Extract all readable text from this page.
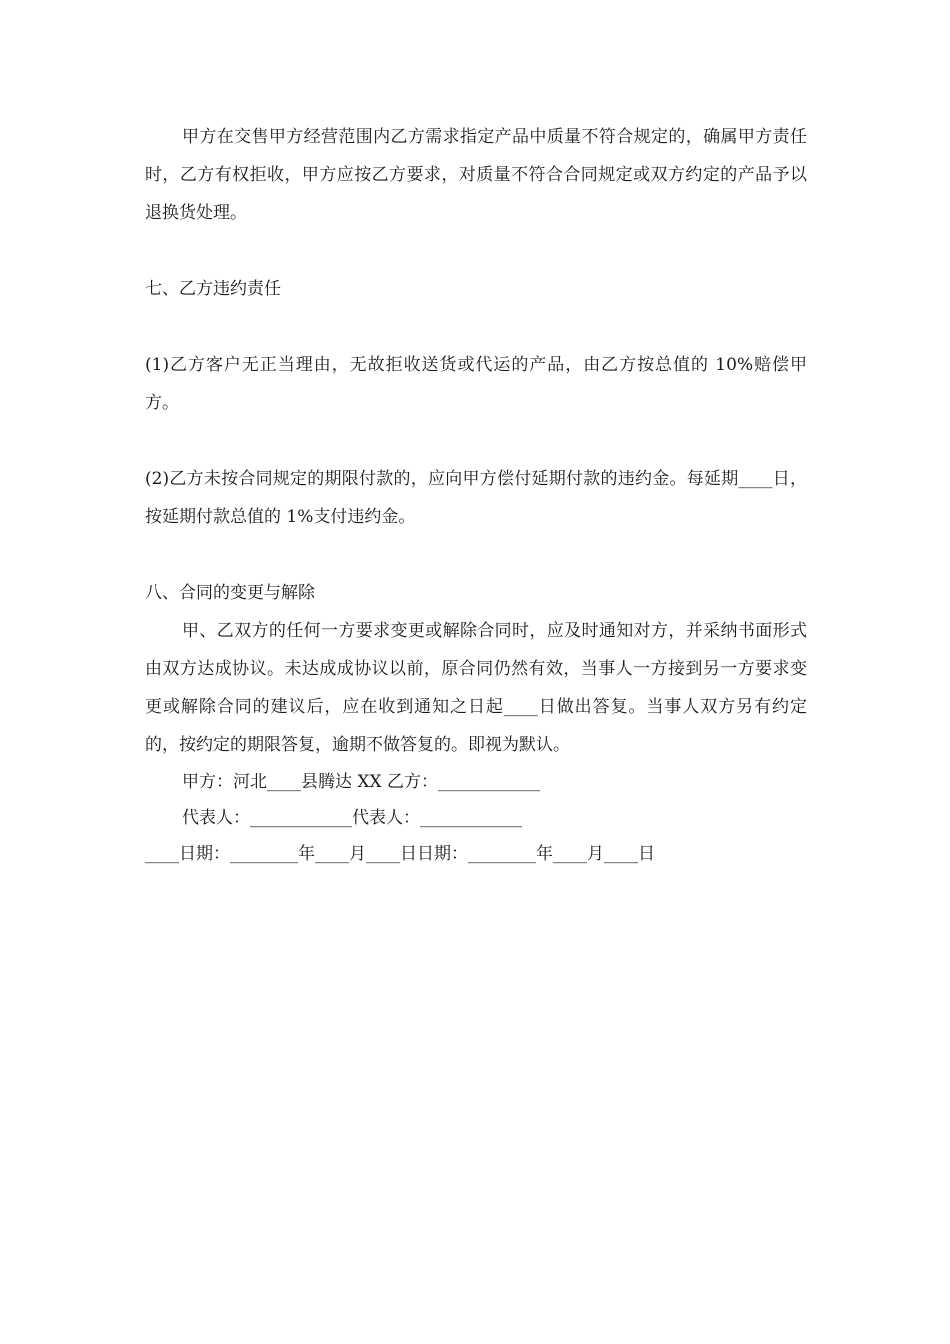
甲方在交售甲方经营范围内乙方需求指定产品中质量不符合规定的，确属甲方责任时，乙方有权拒收，甲方应按乙方要求，对质量不符合合同规定或双方约定的产品予以退换货处理。

七、乙方违约责任

(1)乙方客户无正当理由，无故拒收送货或代运的产品，由乙方按总值的 10%赔偿甲方。

(2)乙方未按合同规定的期限付款的，应向甲方偿付延期付款的违约金。每延期____日，按延期付款总值的 1%支付违约金。

八、合同的变更与解除

甲、乙双方的任何一方要求变更或解除合同时，应及时通知对方，并采纳书面形式由双方达成协议。未达成成协议以前，原合同仍然有效，当事人一方接到另一方要求变更或解除合同的建议后，应在收到通知之日起____日做出答复。当事人双方另有约定的，按约定的期限答复，逾期不做答复的。即视为默认。

甲方：河北____县腾达 XX 乙方：____________

代表人：____________代表人：____________

____日期：________年____月____日日期：________年____月____日
